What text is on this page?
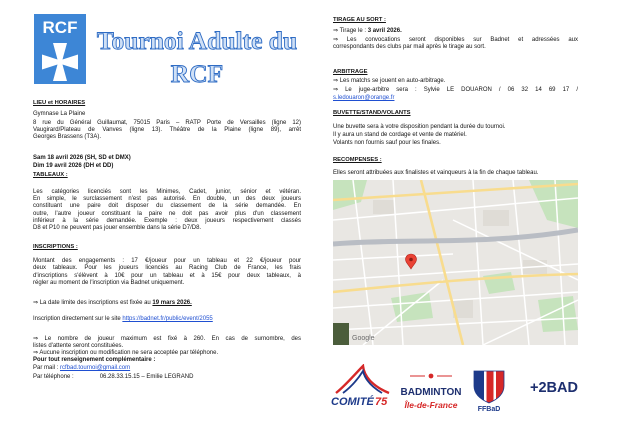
RCF Tournoi Adulte du
RCF
LIEU et HORAIRES
Gymnase La Plaine
8 rue du Général Guillaumat, 75015 Paris – RATP Porte de Versailles (ligne 12)
Vaugirard/Plateau de Vanves (ligne 13). Théâtre de la Plaine (ligne 89), arrêt
Georges Brassens (T3A).
Sam 18 avril 2026 (SH, SD et DMX)
Dim 19 avril 2026 (DH et DD)
TABLEAUX :
Les catégories licenciés sont les Minimes, Cadet, junior, sénior et vétéran.
En simple, le surclassement n'est pas autorisé. En double, un des deux joueurs
constituant une paire doit disposer du classement de la série demandée. En
outre, l'autre joueur constituant la paire ne doit pas avoir plus d'un classement
inférieur à la série demandée. Exemple : deux joueurs respectivement classés
D8 et P10 ne peuvent pas jouer ensemble dans la série D7/D8.
INSCRIPTIONS :
Montant des engagements : 17 €/joueur pour un tableau et 22 €/joueur pour
deux tableaux. Pour les joueurs licenciés au Racing Club de France, les frais
d'inscriptions s'élèvent à 10€ pour un tableau et à 15€ pour deux tableaux, à
régler au moment de l'inscription via Badnet uniquement.
⇒ La date limite des inscriptions est fixée au 19 mars 2026.
Inscription directement sur le site https://badnet.fr/public/event/2055
⇒ Le nombre de joueur maximum est fixé à 260. En cas de surnombre, des
listes d'attente seront constituées.
⇒ Aucune inscription ou modification ne sera acceptée par téléphone.
Pour tout renseignement complémentaire :
Par mail : rcfbad.tournoi@gmail.com
Par téléphone :	06.28.33.15.15 – Emilie LEGRAND
TIRAGE AU SORT :
⇒ Tirage le : 3 avril 2026.
⇒ Les convocations seront disponibles sur Badnet et adressées aux
correspondants des clubs par mail après le tirage au sort.
ARBITRAGE
⇒ Les matchs se jouent en auto-arbitrage.
⇒ Le juge-arbitre sera : Sylvie LE DOUARON / 06 32 14 69 17 /
s.ledouaron@orange.fr
BUVETTE/STAND/VOLANTS
Une buvette sera à votre disposition pendant la durée du tournoi.
Il y aura un stand de cordage et vente de matériel.
Volants non fournis sauf pour les finales.
RECOMPENSES :
Elles seront attribuées aux finalistes et vainqueurs à la fin de chaque tableau.
Google
COMITÉ 75
BADMINTON
Île-de-France	FFBaD
+2BAD
